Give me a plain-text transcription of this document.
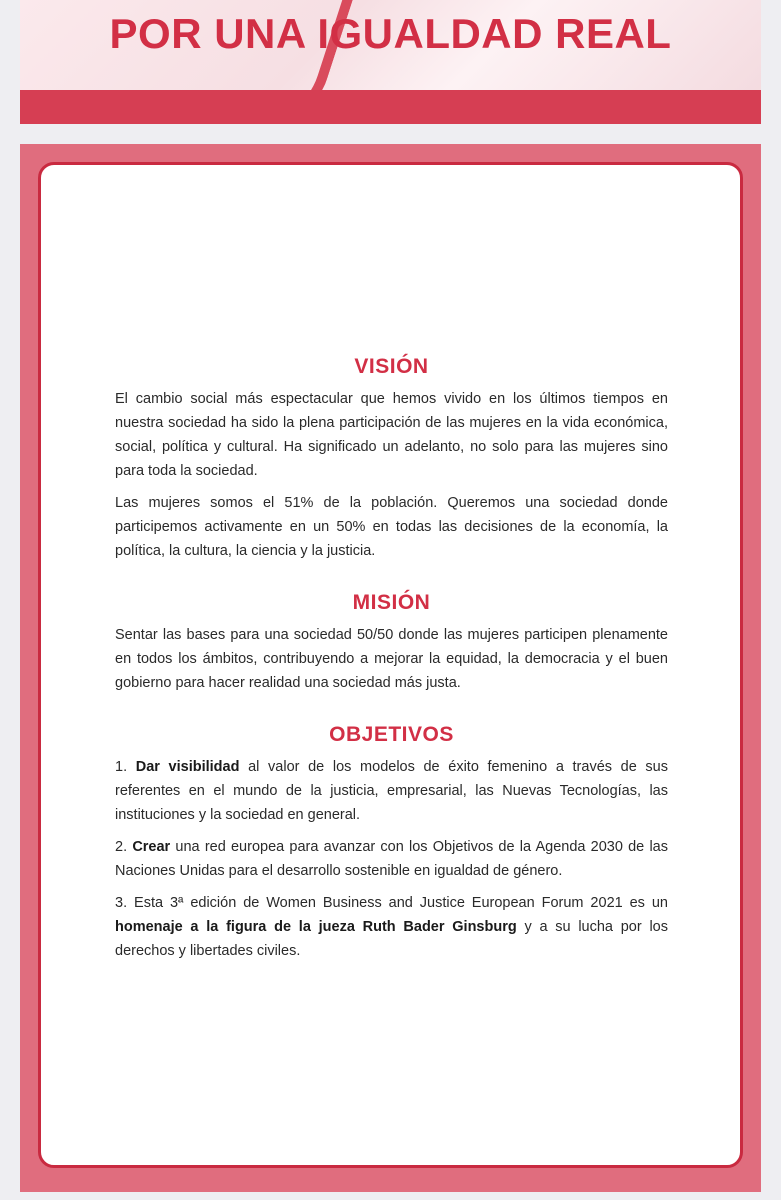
POR UNA IGUALDAD REAL
VISIÓN

El cambio social más espectacular que hemos vivido en los últimos tiempos en nuestra sociedad ha sido la plena participación de las mujeres en la vida económica, social, política y cultural. Ha significado un adelanto, no solo para las mujeres sino para toda la sociedad.

Las mujeres somos el 51% de la población. Queremos una sociedad donde participemos activamente en un 50% en todas las decisiones de la economía, la política, la cultura, la ciencia y la justicia.

MISIÓN

Sentar las bases para una sociedad 50/50 donde las mujeres participen plenamente en todos los ámbitos, contribuyendo a mejorar la equidad, la democracia y el buen gobierno para hacer realidad una sociedad más justa.

OBJETIVOS

1. Dar visibilidad al valor de los modelos de éxito femenino a través de sus referentes en el mundo de la justicia, empresarial, las Nuevas Tecnologías, las instituciones y la sociedad en general.

2. Crear una red europea para avanzar con los Objetivos de la Agenda 2030 de las Naciones Unidas para el desarrollo sostenible en igualdad de género.

3. Esta 3ª edición de Women Business and Justice European Forum 2021 es un homenaje a la figura de la jueza Ruth Bader Ginsburg y a su lucha por los derechos y libertades civiles.
